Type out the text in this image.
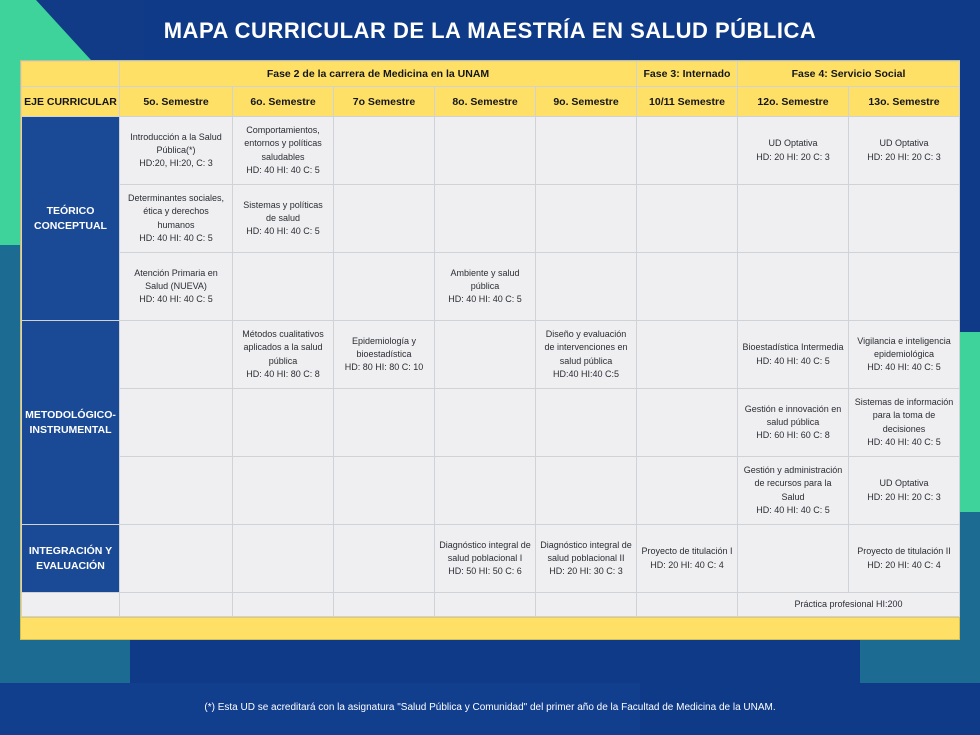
MAPA CURRICULAR DE LA MAESTRÍA EN SALUD PÚBLICA
	Fase 2 de la carrera de Medicina en la UNAM					Fase 3: Internado	Fase 4: Servicio Social	
EJE CURRICULAR	5o. Semestre	6o. Semestre	7o Semestre	8o. Semestre	9o. Semestre	10/11 Semestre	12o. Semestre	13o. Semestre
TEÓRICO CONCEPTUAL	Introducción a la Salud Pública(*)
HD:20, HI:20, C: 3	Comportamientos, entornos y políticas saludables
HD: 40 HI: 40 C: 5					UD Optativa
HD: 20 HI: 20 C: 3	UD Optativa
HD: 20 HI: 20 C: 3

	Determinantes sociales, ética y derechos humanos
HD: 40 HI: 40 C: 5	Sistemas y políticas de salud
HD: 40 HI: 40 C: 5						

	Atención Primaria en Salud (NUEVA)
HD: 40 HI: 40 C: 5			Ambiente y salud pública
HD: 40 HI: 40 C: 5				

METODOLÓGICO-INSTRUMENTAL		Métodos cualitativos aplicados a la salud pública
HD: 40 HI: 80 C: 8	Epidemiología y bioestadística
HD: 80 HI: 80 C: 10		Diseño y evaluación de intervenciones en salud pública
HD:40 HI:40 C:5		Bioestadística Intermedia
HD: 40 HI: 40 C: 5	Vigilancia e inteligencia epidemiológica
HD: 40 HI: 40 C: 5

							Gestión e innovación en salud pública
HD: 60 HI: 60 C: 8	Sistemas de información para la toma de decisiones
HD: 40 HI: 40 C: 5

							Gestión y administración de recursos para la Salud
HD: 40 HI: 40 C: 5	UD Optativa
HD: 20 HI: 20 C: 3

INTEGRACIÓN Y EVALUACIÓN				Diagnóstico integral de salud poblacional I
HD: 50 HI: 50 C: 6	Diagnóstico integral de salud poblacional II
HD: 20 HI: 30 C: 3	Proyecto de titulación I
HD: 20 HI: 40 C: 4		Proyecto de titulación II
HD: 20 HI: 40 C: 4

							Práctica profesional HI:200	
(*) Esta UD se acreditará con la asignatura "Salud Pública y Comunidad" del primer año de la Facultad de Medicina de la UNAM.
